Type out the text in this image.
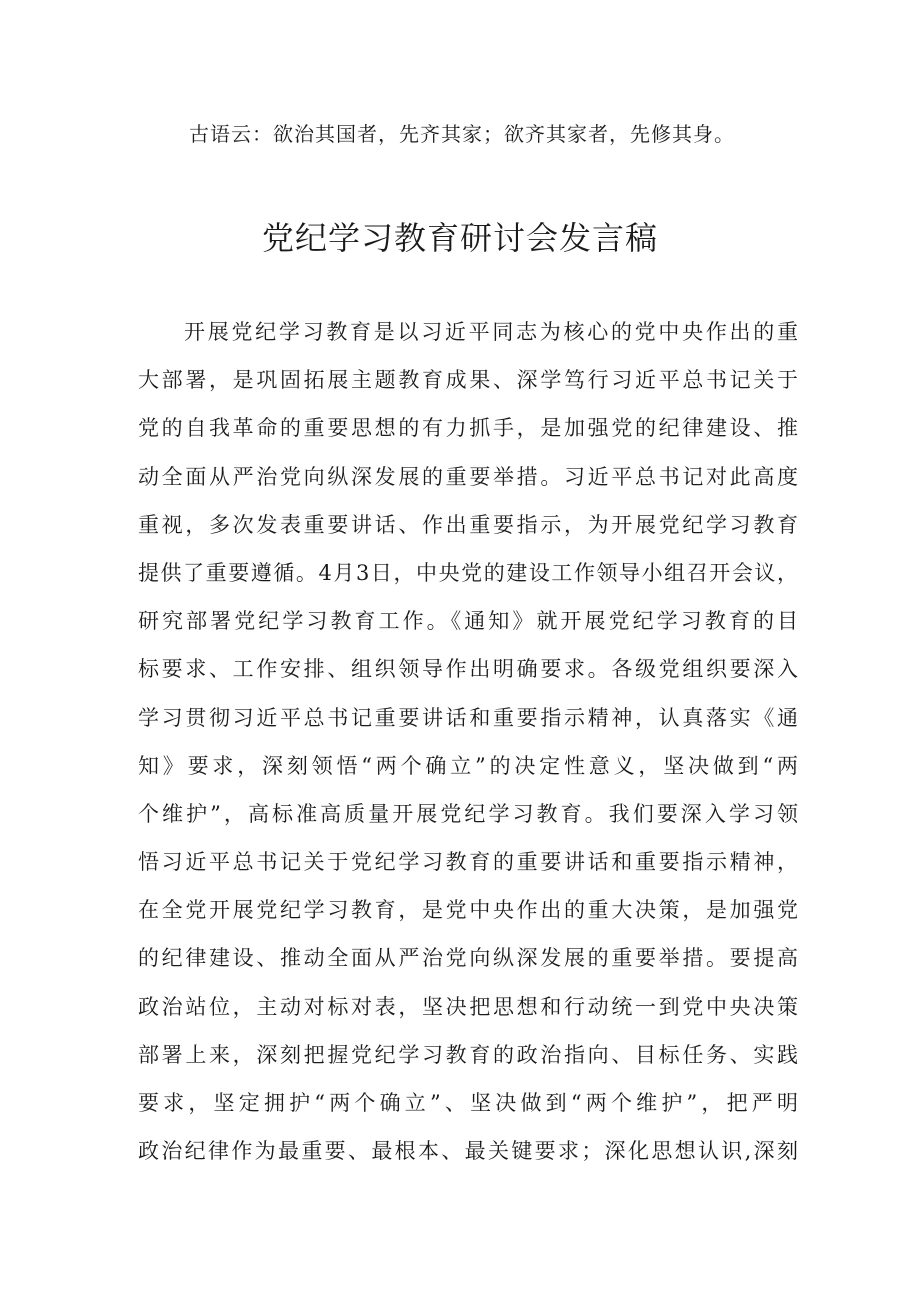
古语云：欲治其国者，先齐其家；欲齐其家者，先修其身。
党纪学习教育研讨会发言稿
开展党纪学习教育是以习近平同志为核心的党中央作出的重
大部署，是巩固拓展主题教育成果、深学笃行习近平总书记关于
党的自我革命的重要思想的有力抓手，是加强党的纪律建设、推
动全面从严治党向纵深发展的重要举措。习近平总书记对此高度
重视，多次发表重要讲话、作出重要指示，为开展党纪学习教育
提供了重要遵循。4月3日，中央党的建设工作领导小组召开会议，
研究部署党纪学习教育工作。《通知》就开展党纪学习教育的目
标要求、工作安排、组织领导作出明确要求。各级党组织要深入
学习贯彻习近平总书记重要讲话和重要指示精神，认真落实《通
知》要求，深刻领悟“两个确立”的决定性意义，坚决做到“两
个维护”，高标准高质量开展党纪学习教育。我们要深入学习领
悟习近平总书记关于党纪学习教育的重要讲话和重要指示精神，
在全党开展党纪学习教育，是党中央作出的重大决策，是加强党
的纪律建设、推动全面从严治党向纵深发展的重要举措。要提高
政治站位，主动对标对表，坚决把思想和行动统一到党中央决策
部署上来，深刻把握党纪学习教育的政治指向、目标任务、实践
要求，坚定拥护“两个确立”、坚决做到“两个维护”，把严明
政治纪律作为最重要、最根本、最关键要求；深化思想认识,深刻
